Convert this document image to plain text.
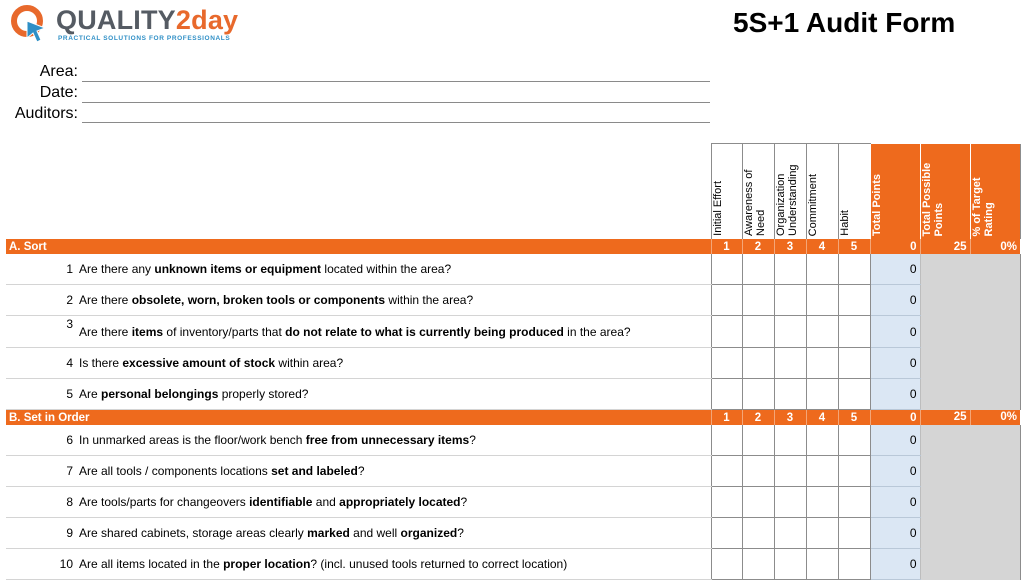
QUALITY2day
PRACTICAL SOLUTIONS FOR PROFESSIONALS
5S+1 Audit Form
Area:
Date:
Auditors:

		Initial Effort	Awareness of Need	Organization Understanding	Commitment	Habit	Total Points	Total Possible Points	% of Target Rating

A. Sort		1	2	3	4	5	0	25	0%
1	Are there any unknown items or equipment located within the area?						0		
2	Are there obsolete, worn, broken tools or components within the area?						0		
3	Are there items of inventory/parts that do not relate to what is currently being produced in the area?						0		
4	Is there excessive amount of stock within area?						0		
5	Are personal belongings properly stored?						0		
B. Set in Order		1	2	3	4	5	0	25	0%
6	In unmarked areas is the floor/work bench free from unnecessary items?						0		
7	Are all tools / components locations set and labeled?						0		
8	Are tools/parts for changeovers identifiable and appropriately located?						0		
9	Are shared cabinets, storage areas clearly marked and well organized?						0		
10	Are all items located in the proper location? (incl. unused tools returned to correct location)						0		
